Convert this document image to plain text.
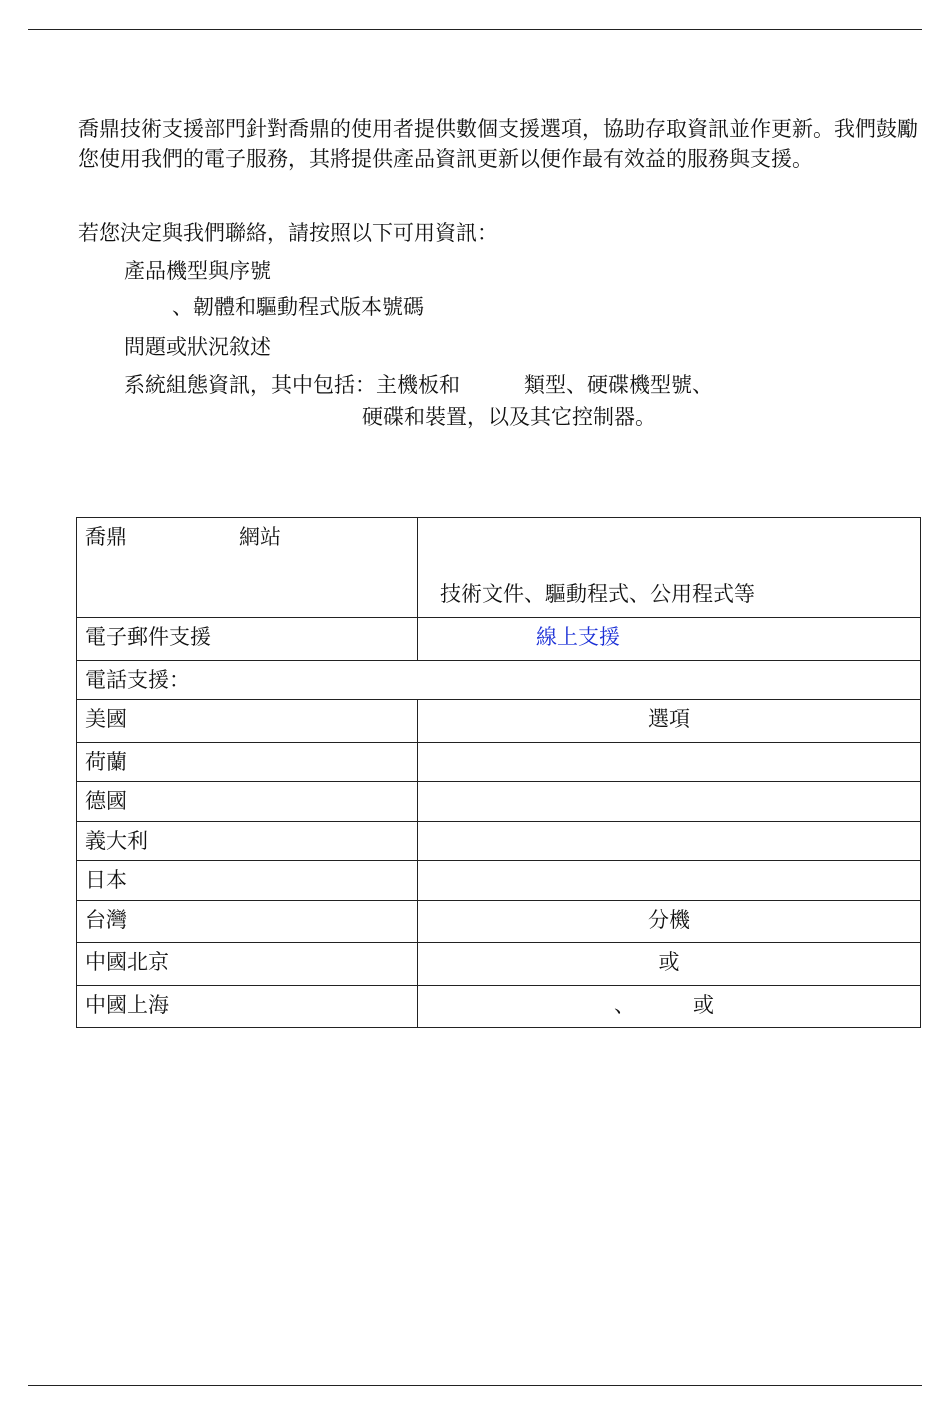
喬鼎技術支援部門針對喬鼎的使用者提供數個支援選項，協助存取資訊並作更新。我們鼓勵您使用我們的電子服務，其將提供產品資訊更新以便作最有效益的服務與支援。

若您決定與我們聯絡，請按照以下可用資訊：

產品機型與序號

、韌體和驅動程式版本號碼

問題或狀況敘述

系統組態資訊，其中包括：主機板和	類型、硬碟機型號、

硬碟和裝置，以及其它控制器。

喬鼎 網站	技術文件、驅動程式、公用程式等
電子郵件支援	線上支援
電話支援：	
美國	選項
荷蘭	
德國	
義大利	
日本	
台灣	分機
中國北京	或
中國上海	、 或
